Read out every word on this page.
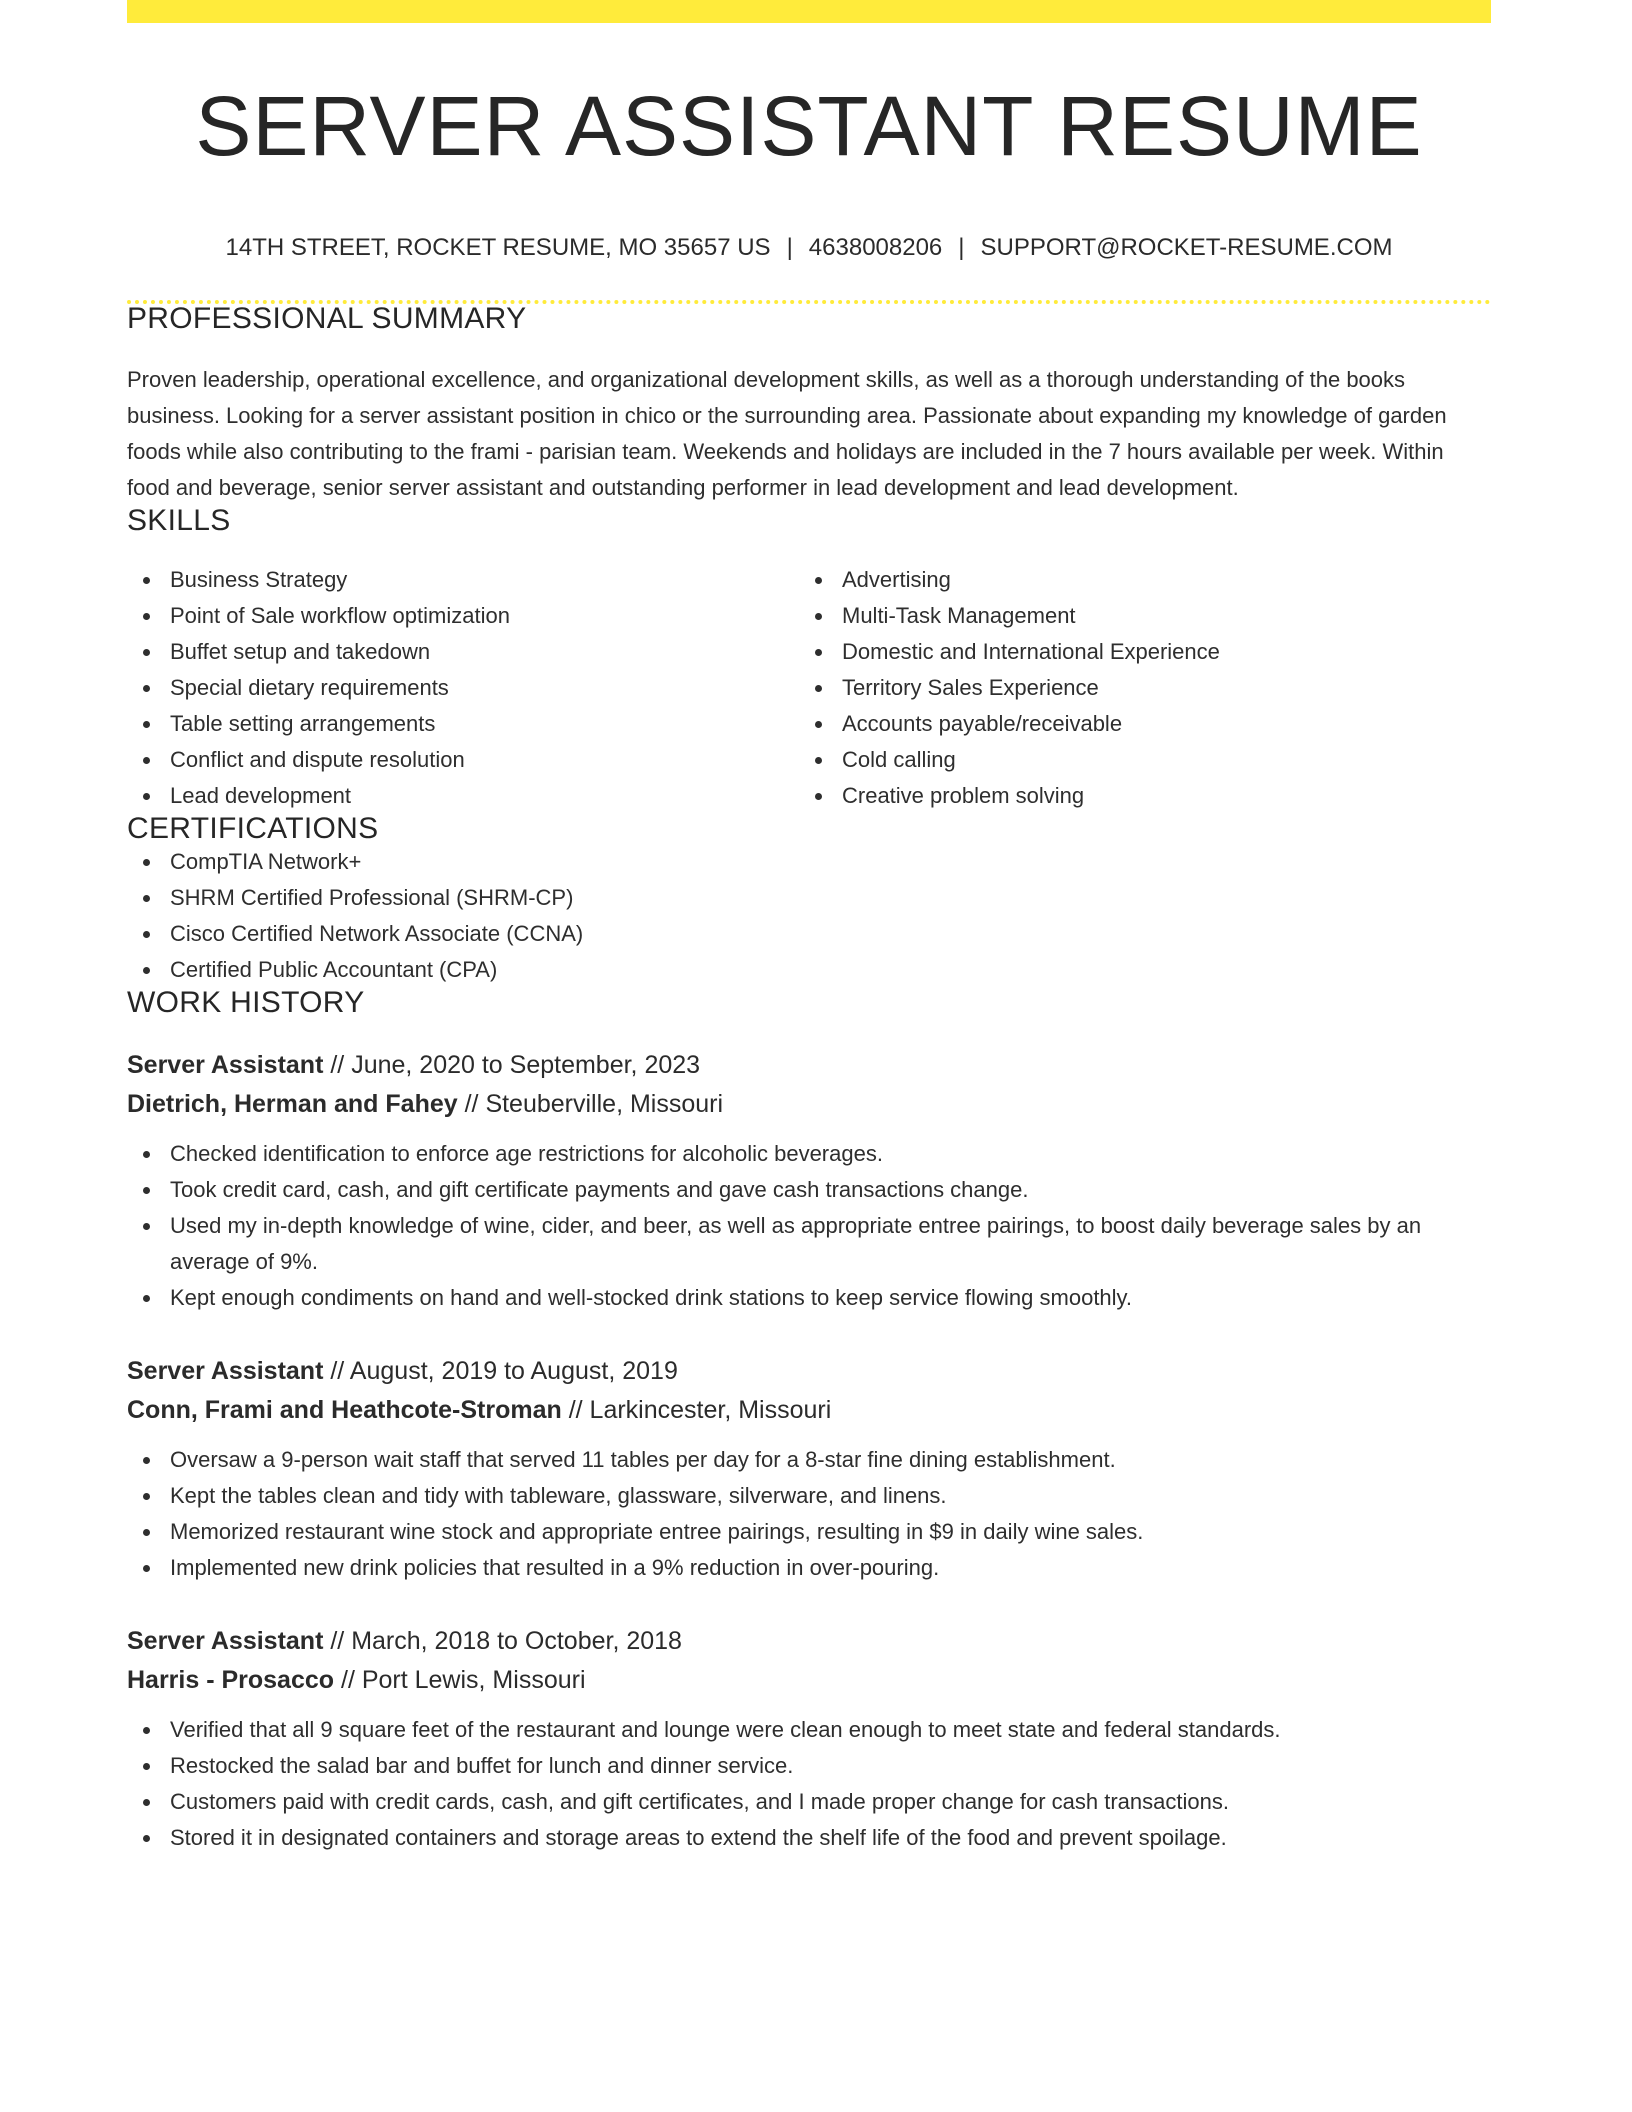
SERVER ASSISTANT RESUME
14TH STREET, ROCKET RESUME, MO 35657 US | 4638008206 | SUPPORT@ROCKET-RESUME.COM
PROFESSIONAL SUMMARY

Proven leadership, operational excellence, and organizational development skills, as well as a thorough understanding of the books business. Looking for a server assistant position in chico or the surrounding area. Passionate about expanding my knowledge of garden foods while also contributing to the frami - parisian team. Weekends and holidays are included in the 7 hours available per week. Within food and beverage, senior server assistant and outstanding performer in lead development and lead development.

SKILLS
Business Strategy
Point of Sale workflow optimization
Buffet setup and takedown
Special dietary requirements
Table setting arrangements
Conflict and dispute resolution
Lead development
Advertising
Multi-Task Management
Domestic and International Experience
Territory Sales Experience
Accounts payable/receivable
Cold calling
Creative problem solving
CERTIFICATIONS
CompTIA Network+
SHRM Certified Professional (SHRM-CP)
Cisco Certified Network Associate (CCNA)
Certified Public Accountant (CPA)
WORK HISTORY
Server Assistant // June, 2020 to September, 2023
Dietrich, Herman and Fahey // Steuberville, Missouri
Checked identification to enforce age restrictions for alcoholic beverages.
Took credit card, cash, and gift certificate payments and gave cash transactions change.
Used my in-depth knowledge of wine, cider, and beer, as well as appropriate entree pairings, to boost daily beverage sales by an average of 9%.
Kept enough condiments on hand and well-stocked drink stations to keep service flowing smoothly.
Server Assistant // August, 2019 to August, 2019
Conn, Frami and Heathcote-Stroman // Larkincester, Missouri
Oversaw a 9-person wait staff that served 11 tables per day for a 8-star fine dining establishment.
Kept the tables clean and tidy with tableware, glassware, silverware, and linens.
Memorized restaurant wine stock and appropriate entree pairings, resulting in $9 in daily wine sales.
Implemented new drink policies that resulted in a 9% reduction in over-pouring.
Server Assistant // March, 2018 to October, 2018
Harris - Prosacco // Port Lewis, Missouri
Verified that all 9 square feet of the restaurant and lounge were clean enough to meet state and federal standards.
Restocked the salad bar and buffet for lunch and dinner service.
Customers paid with credit cards, cash, and gift certificates, and I made proper change for cash transactions.
Stored it in designated containers and storage areas to extend the shelf life of the food and prevent spoilage.
